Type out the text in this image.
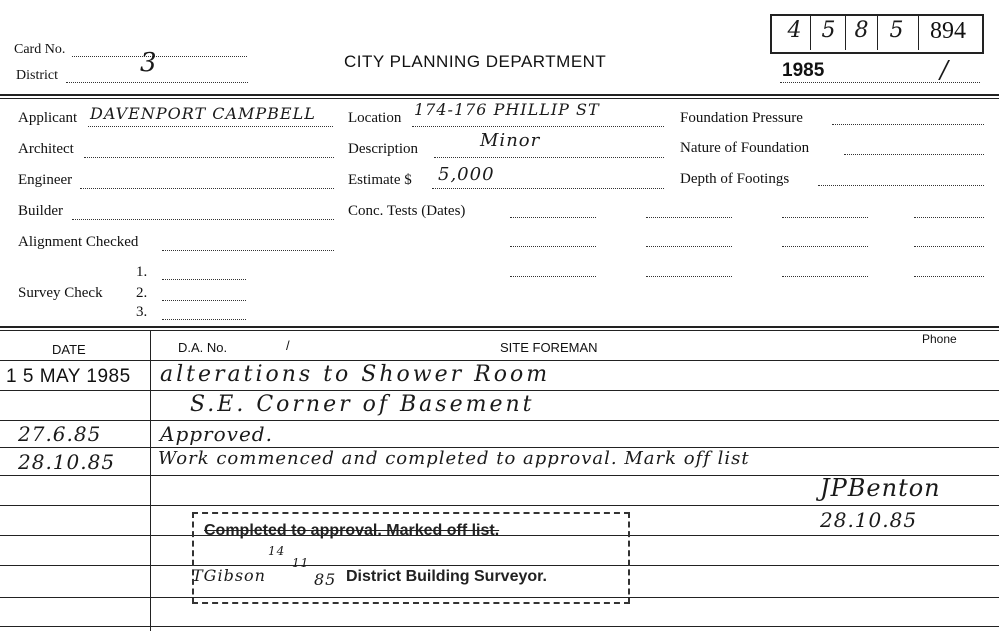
Card No.
District	3	CITY PLANNING DEPARTMENT
4 5 8 5	894
1985	/
Applicant DAVENPORT CAMPBELL
Architect
Engineer
Builder
Alignment Checked
Survey Check
1.
2.
3.
Location 174-176 PHILLIP ST
Description	Minor
Estimate $ 5,000
Conc. Tests (Dates)
Foundation Pressure
Nature of Foundation
Depth of Footings
DATE	D.A. No.	/	SITE FOREMAN
Phone
1 5 MAY 1985 alterations to Shower Room
S.E. Corner of Basement
27.6.85	Approved.
28.10.85 Work commenced and completed to approval. Mark off list
JPBenton
28.10.85
Completed to approval. Marked off list.
District Building Surveyor.
TGibson
14
11
85
